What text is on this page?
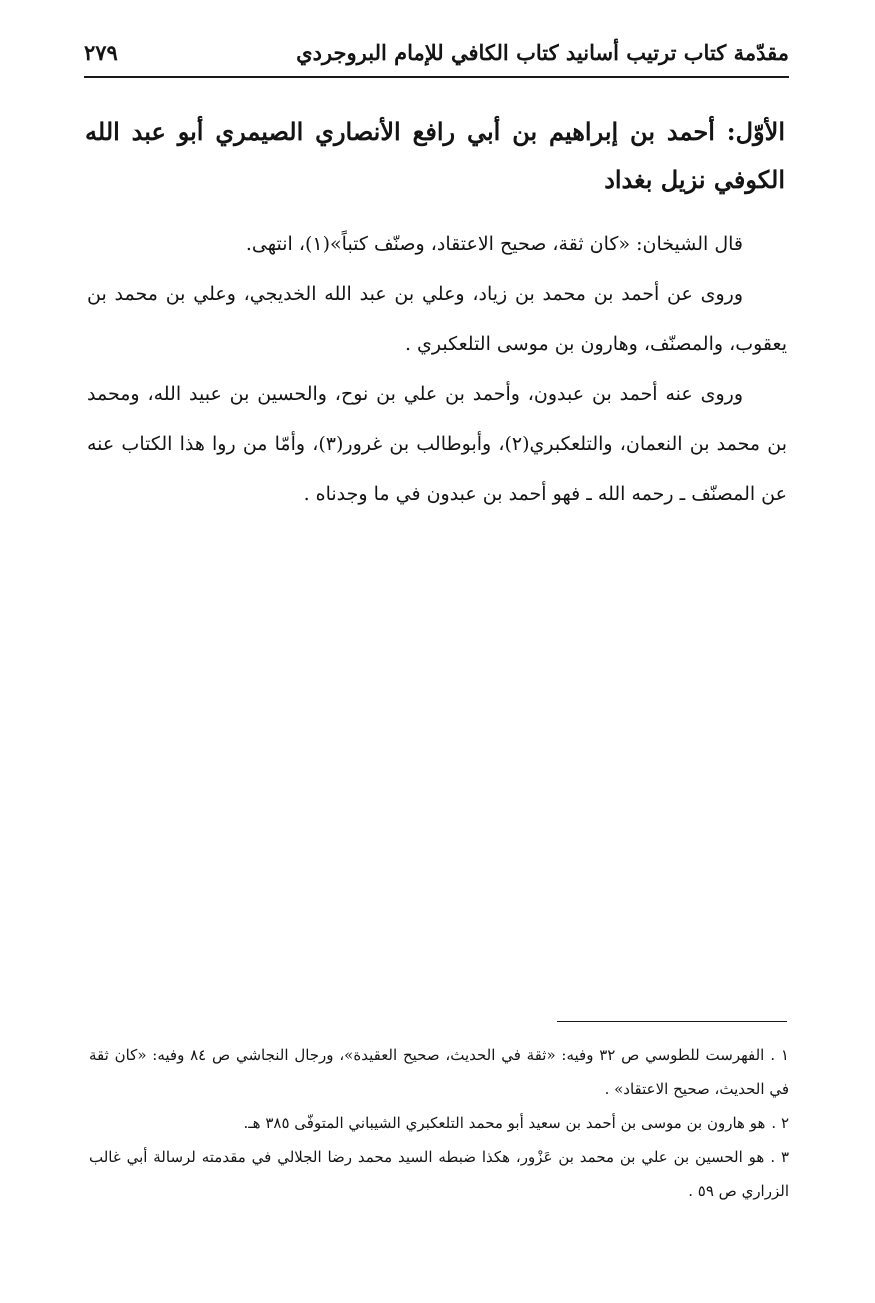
مقدّمة كتاب ترتيب أسانيد كتاب الكافي للإمام البروجردي
٢٧٩
الأوّل: أحمد بن إبراهيم بن أبي رافع الأنصاري الصيمري أبو عبد الله الكوفي نزيل بغداد

قال الشيخان: «كان ثقة، صحيح الاعتقاد، وصنّف كتباً»(١)، انتهى.

وروى عن أحمد بن محمد بن زياد، وعلي بن عبد الله الخديجي، وعلي بن محمد بن يعقوب، والمصنّف، وهارون بن موسى التلعكبري .

وروى عنه أحمد بن عبدون، وأحمد بن علي بن نوح، والحسين بن عبيد الله، ومحمد بن محمد بن النعمان، والتلعكبري(٢)، وأبوطالب بن غرور(٣)، وأمّا من روا هذا الكتاب عنه عن المصنّف ـ رحمه الله ـ فهو أحمد بن عبدون في ما وجدناه .

١ .الفهرست للطوسي ص ٣٢ وفيه: «ثقة في الحديث، صحيح العقيدة»، ورجال النجاشي ص ٨٤ وفيه: «كان ثقة في الحديث، صحيح الاعتقاد» .

٢ .هو هارون بن موسى بن أحمد بن سعيد أبو محمد التلعكبري الشيباني المتوفّى ٣٨٥ هـ.

٣ .هو الحسين بن علي بن محمد بن عَزْور، هكذا ضبطه السيد محمد رضا الجلالي في مقدمته لرسالة أبي غالب الزراري ص ٥٩ .
